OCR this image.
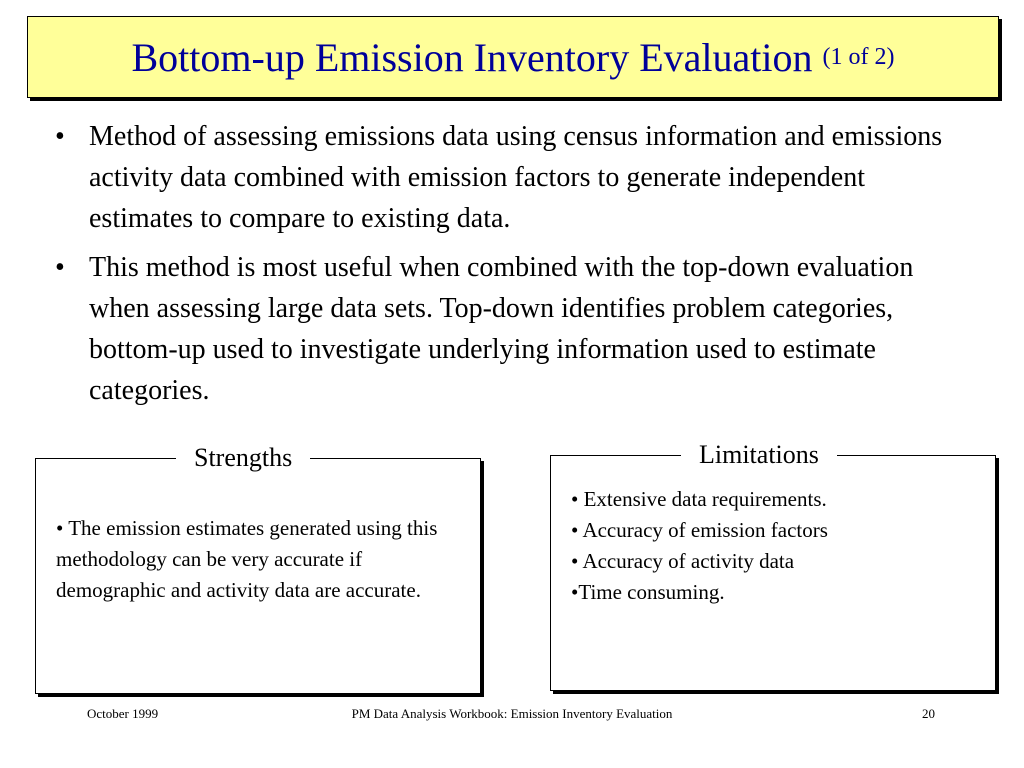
Bottom-up Emission Inventory Evaluation (1 of 2)
• Method of assessing emissions data using census information and emissions activity data combined with emission factors to generate independent estimates to compare to existing data.
• This method is most useful when combined with the top-down evaluation when assessing large data sets. Top-down identifies problem categories, bottom-up used to investigate underlying information used to estimate categories.
Strengths
• The emission estimates generated using this methodology can be very accurate if demographic and activity data are accurate.
Limitations
• Extensive data requirements.
• Accuracy of emission factors
• Accuracy of activity data
•Time consuming.
October 1999	PM Data Analysis Workbook: Emission Inventory Evaluation	20
